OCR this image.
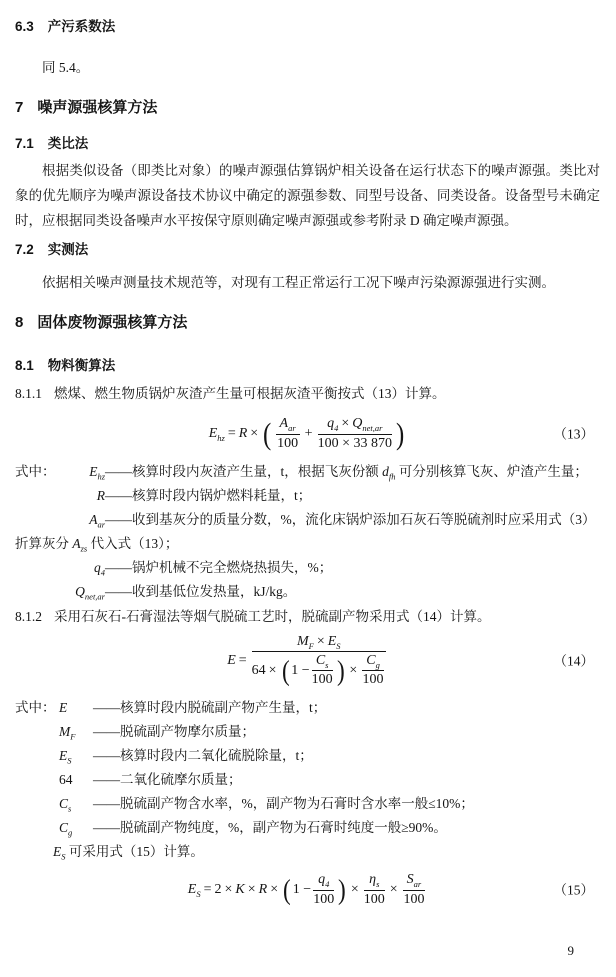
6.3 产污系数法
同 5.4。
7 噪声源强核算方法
7.1 类比法
根据类似设备（即类比对象）的噪声源强估算锅炉相关设备在运行状态下的噪声源强。类比对象的优先顺序为噪声源设备技术协议中确定的源强参数、同型号设备、同类设备。设备型号未确定时，应根据同类设备噪声水平按保守原则确定噪声源强或参考附录 D 确定噪声源强。
7.2 实测法
依据相关噪声测量技术规范等，对现有工程正常运行工况下噪声污染源源强进行实测。
8 固体废物源强核算方法
8.1 物料衡算法
8.1.1 燃煤、燃生物质锅炉灰渣产生量可根据灰渣平衡按式（13）计算。
$E_{hz} = R$ × ( $\frac{A_{ar}}{100} + \frac{q_4 \times Q_{net,ar}}{100 \times 33 870}$ )	（13）
式中：	$E_{hz}$ —— 核算时段内灰渣产生量，t，根据飞灰份额 $d_{fh}$ 可分别核算飞灰、炉渣产生量；
R —— 核算时段内锅炉燃料耗量，t；
$A_{ar}$ —— 收到基灰分的质量分数，%，流化床锅炉添加石灰石等脱硫剂时应采用式（3）
折算灰分 $A_{zs}$ 代入式（13）；
$q_4$ —— 锅炉机械不完全燃烧热损失，%；
$Q_{net,ar}$ —— 收到基低位发热量，kJ/kg。
8.1.2 采用石灰石-石膏湿法等烟气脱硫工艺时，脱硫副产物采用式（14）计算。
E =
$M_F \times E_S$
64 × ( $1 - \frac{C_s}{100}$ ) × $\frac{C_g}{100}$	（14）
式中： E	—— 核算时段内脱硫副产物产生量，t；
$M_F$	—— 脱硫副产物摩尔质量；
$E_S$	—— 核算时段内二氧化硫脱除量，t；
64	—— 二氧化硫摩尔质量；
$C_s$	—— 脱硫副产物含水率，%，副产物为石膏时含水率一般≤10%；
$C_g$	—— 脱硫副产物纯度，%，副产物为石膏时纯度一般≥90%。
$E_S$ 可采用式（15）计算。
$E_S = 2 \times K \times R$ × ( $1 - \frac{q_4}{100}$ ) × $\frac{\eta_s}{100} \times \frac{S_{ar}}{100}$	（15）
9
